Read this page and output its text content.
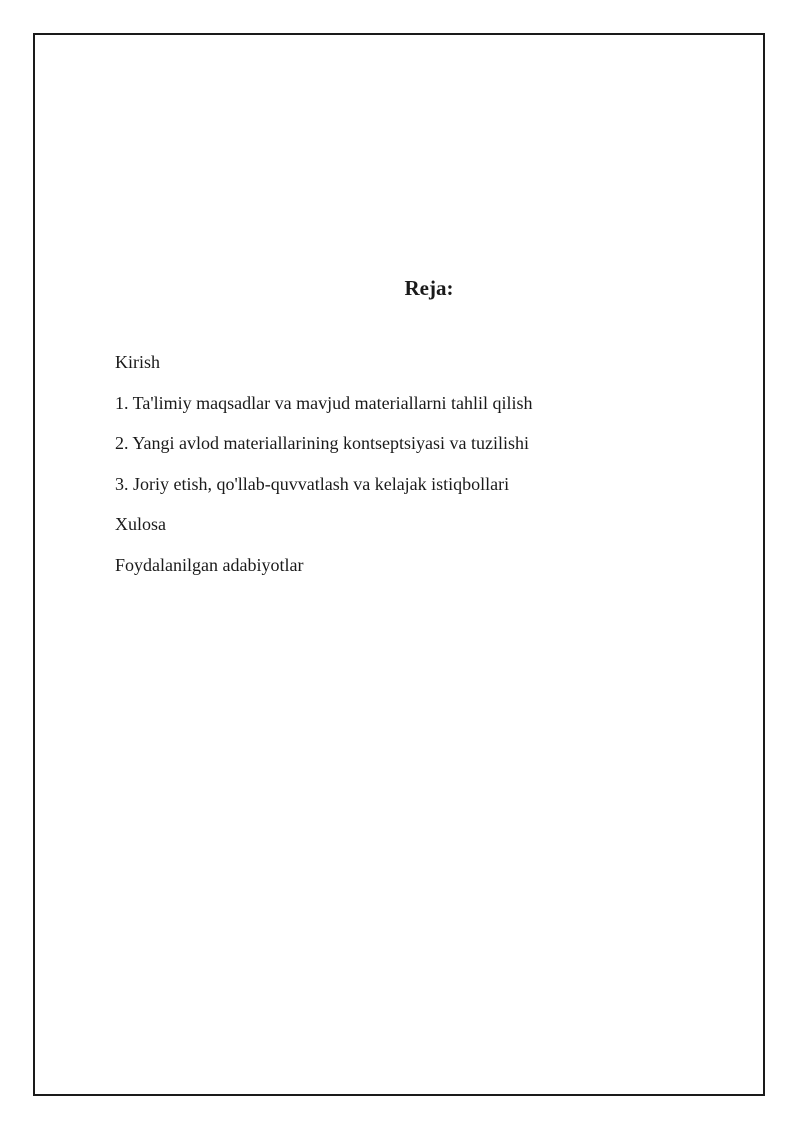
Reja:
Kirish
1. Ta'limiy maqsadlar va mavjud materiallarni tahlil qilish
2. Yangi avlod materiallarining kontseptsiyasi va tuzilishi
3. Joriy etish, qo'llab-quvvatlash va kelajak istiqbollari
Xulosa
Foydalanilgan adabiyotlar
